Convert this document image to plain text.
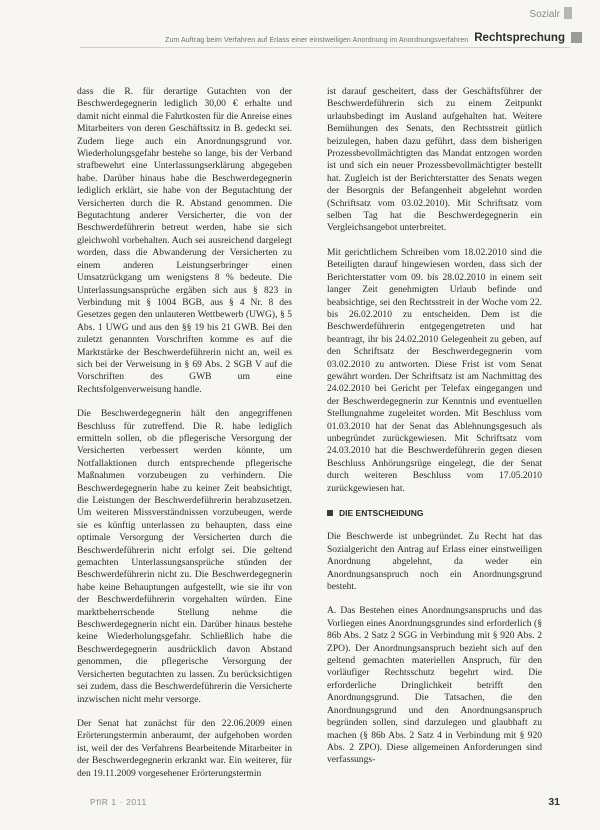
Sozialr
Zum Auftrag beim Verfahren auf Erlass einer einstweiligen Anordnung im Anordnungsverfahren Rechtsprechung

dass die R. für derartige Gutachten von der Beschwerdegegnerin lediglich 30,00 € erhalte und damit nicht einmal die Fahrtkosten für die Anreise eines Mitarbeiters von deren Geschäftssitz in B. gedeckt sei. Zudem liege auch ein Anordnungsgrund vor. Wiederholungsgefahr bestehe so lange, bis der Verband strafbewehrt eine Unterlassungserklärung abgegeben habe. Darüber hinaus habe die Beschwerdegegnerin lediglich erklärt, sie habe von der Begutachtung der Versicherten durch die R. Abstand genommen. Die Begutachtung anderer Versicherter, die von der Beschwerdeführerin betreut werden, habe sie sich gleichwohl vorbehalten. Auch sei ausreichend dargelegt worden, dass die Abwanderung der Versicherten zu einem anderen Leistungserbringer einen Umsatzrückgang um wenigstens 8 % bedeute. Die Unterlassungsansprüche ergäben sich aus § 823 in Verbindung mit § 1004 BGB, aus § 4 Nr. 8 des Gesetzes gegen den unlauteren Wettbewerb (UWG), § 5 Abs. 1 UWG und aus den §§ 19 bis 21 GWB. Bei den zuletzt genannten Vorschriften komme es auf die Marktstärke der Beschwerdeführerin nicht an, weil es sich bei der Verweisung in § 69 Abs. 2 SGB V auf die Vorschriften des GWB um eine Rechtsfolgenverweisung handle.

Die Beschwerdegegnerin hält den angegriffenen Beschluss für zutreffend. Die R. habe lediglich ermitteln sollen, ob die pflegerische Versorgung der Versicherten verbessert werden könnte, um Notfallaktionen durch entsprechende pflegerische Maßnahmen vorzubeugen zu verhindern. Die Beschwerdegegnerin habe zu keiner Zeit beabsichtigt, die Leistungen der Beschwerdeführerin herabzusetzen. Um weiteren Missverständnissen vorzubeugen, werde sie es künftig unterlassen zu behaupten, dass eine optimale Versorgung der Versicherten durch die Beschwerdeführerin nicht erfolgt sei. Die geltend gemachten Unterlassungsansprüche stünden der Beschwerdeführerin nicht zu. Die Beschwerdegegnerin habe keine Behauptungen aufgestellt, wie sie ihr von der Beschwerdeführerin vorgehalten würden. Eine marktbeherrschende Stellung nehme die Beschwerdegegnerin nicht ein. Darüber hinaus bestehe keine Wiederholungsgefahr. Schließlich habe die Beschwerdegegnerin ausdrücklich davon Abstand genommen, die pflegerische Versorgung der Versicherten begutachten zu lassen. Zu berücksichtigen sei zudem, dass die Beschwerdeführerin die Versicherte inzwischen nicht mehr versorge.

Der Senat hat zunächst für den 22.06.2009 einen Erörterungstermin anberaumt, der aufgehoben worden ist, weil der des Verfahrens Bearbeitende Mitarbeiter in der Beschwerdegegnerin erkrankt war. Ein weiterer, für den 19.11.2009 vorgesehener Erörterungstermin

ist darauf gescheitert, dass der Geschäftsführer der Beschwerdeführerin sich zu einem Zeitpunkt urlaubsbedingt im Ausland aufgehalten hat. Weitere Bemühungen des Senats, den Rechtsstreit gütlich beizulegen, haben dazu geführt, dass dem bisherigen Prozessbevollmächtigten das Mandat entzogen worden ist und sich ein neuer Prozessbevollmächtigter bestellt hat. Zugleich ist der Berichterstatter des Senats wegen der Besorgnis der Befangenheit abgelehnt worden (Schriftsatz vom 03.02.2010). Mit Schriftsatz vom selben Tag hat die Beschwerdegegnerin ein Vergleichsangebot unterbreitet.

Mit gerichtlichem Schreiben vom 18.02.2010 sind die Beteiligten darauf hingewiesen worden, dass sich der Berichterstatter vom 09. bis 28.02.2010 in einem seit langer Zeit genehmigten Urlaub befinde und beabsichtige, sei den Rechtsstreit in der Woche vom 22. bis 26.02.2010 zu entscheiden. Dem ist die Beschwerdeführerin entgegengetreten und hat beantragt, ihr bis 24.02.2010 Gelegenheit zu geben, auf den Schriftsatz der Beschwerdegegnerin vom 03.02.2010 zu antworten. Diese Frist ist vom Senat gewährt worden. Der Schriftsatz ist am Nachmittag des 24.02.2010 bei Gericht per Telefax eingegangen und der Beschwerdegegnerin zur Kenntnis und eventuellen Stellungnahme zugeleitet worden. Mit Beschluss vom 01.03.2010 hat der Senat das Ablehnungsgesuch als unbegründet zurückgewiesen. Mit Schriftsatz vom 24.03.2010 hat die Beschwerdeführerin gegen diesen Beschluss Anhörungsrüge eingelegt, die der Senat durch weiteren Beschluss vom 17.05.2010 zurückgewiesen hat.

DIE ENTSCHEIDUNG

Die Beschwerde ist unbegründet. Zu Recht hat das Sozialgericht den Antrag auf Erlass einer einstweiligen Anordnung abgelehnt, da weder ein Anordnungsanspruch noch ein Anordnungsgrund besteht.

A. Das Bestehen eines Anordnungsanspruchs und das Vorliegen eines Anordnungsgrundes sind erforderlich (§ 86b Abs. 2 Satz 2 SGG in Verbindung mit § 920 Abs. 2 ZPO). Der Anordnungsanspruch bezieht sich auf den geltend gemachten materiellen Anspruch, für den vorläufiger Rechtsschutz begehrt wird. Die erforderliche Dringlichkeit betrifft den Anordnungsgrund. Die Tatsachen, die den Anordnungsgrund und den Anordnungsanspruch begründen sollen, sind darzulegen und glaubhaft zu machen (§ 86b Abs. 2 Satz 4 in Verbindung mit § 920 Abs. 2 ZPO). Diese allgemeinen Anforderungen sind verfassungs-

PflR 1 · 2011	31
